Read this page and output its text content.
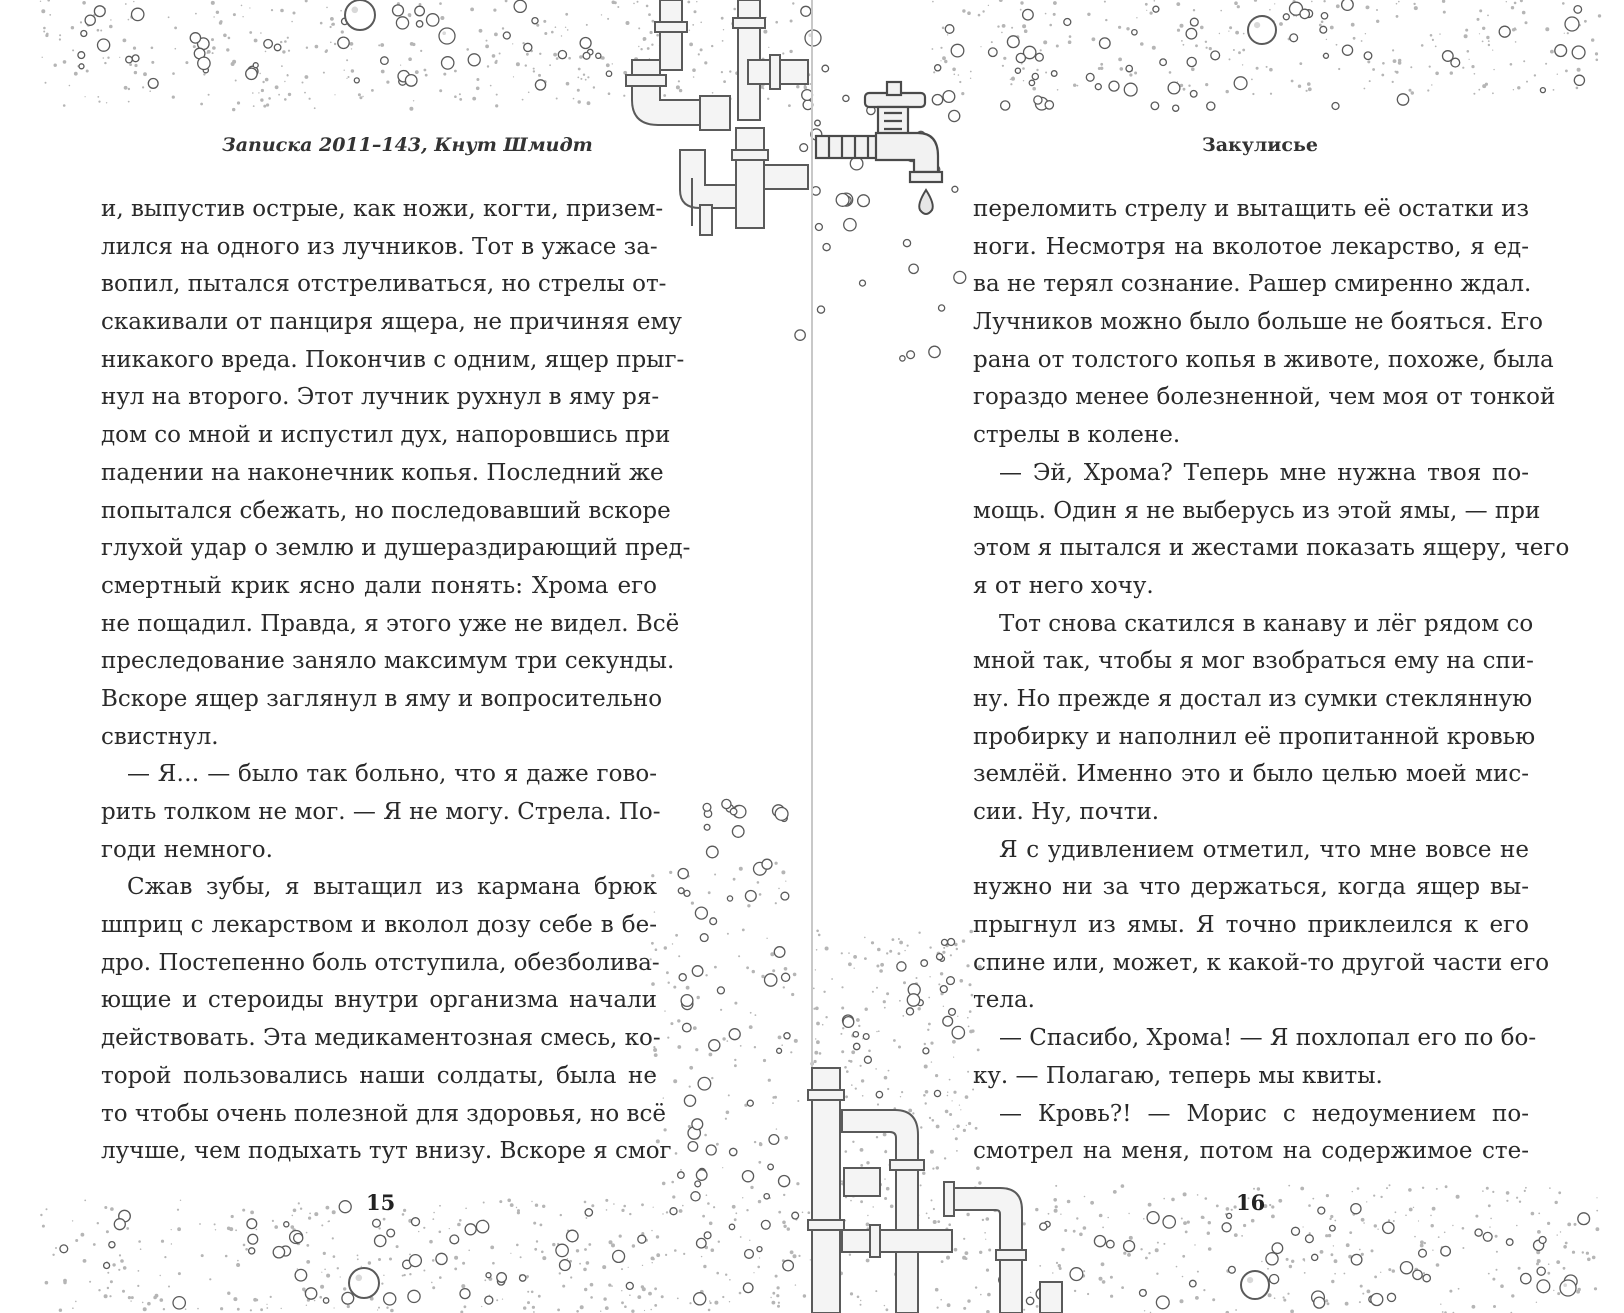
Записка 2011–143, Кнут Шмидт

и, выпустив острые, как ножи, когти, призем-

лился на одного из лучников. Тот в ужасе за-

вопил, пытался отстреливаться, но стрелы от-

скакивали от панциря ящера, не причиняя ему

никакого вреда. Покончив с одним, ящер прыг-

нул на второго. Этот лучник рухнул в яму ря-

дом со мной и испустил дух, напоровшись при

падении на наконечник копья. Последний же

попытался сбежать, но последовавший вскоре

глухой удар о землю и душераздирающий пред-

смертный крик ясно дали понять: Хрома его

не пощадил. Правда, я этого уже не видел. Всё

преследование заняло максимум три секунды.

Вскоре ящер заглянул в яму и вопросительно

свистнул.

— Я… — было так больно, что я даже гово-

рить толком не мог. — Я не могу. Стрела. По-

годи немного.

Сжав зубы, я вытащил из кармана брюк

шприц с лекарством и вколол дозу себе в бе-

дро. Постепенно боль отступила, обезболива-

ющие и стероиды внутри организма начали

действовать. Эта медикаментозная смесь, ко-

торой пользовались наши солдаты, была не

то чтобы очень полезной для здоровья, но всё

лучше, чем подыхать тут внизу. Вскоре я смог

15

Закулисье

переломить стрелу и вытащить её остатки из

ноги. Несмотря на вколотое лекарство, я ед-

ва не терял сознание. Рашер смиренно ждал.

Лучников можно было больше не бояться. Его

рана от толстого копья в животе, похоже, была

гораздо менее болезненной, чем моя от тонкой

стрелы в колене.

— Эй, Хрома? Теперь мне нужна твоя по-

мощь. Один я не выберусь из этой ямы, — при

этом я пытался и жестами показать ящеру, чего

я от него хочу.

Тот снова скатился в канаву и лёг рядом со

мной так, чтобы я мог взобраться ему на спи-

ну. Но прежде я достал из сумки стеклянную

пробирку и наполнил её пропитанной кровью

землёй. Именно это и было целью моей мис-

сии. Ну, почти.

Я с удивлением отметил, что мне вовсе не

нужно ни за что держаться, когда ящер вы-

прыгнул из ямы. Я точно приклеился к его

спине или, может, к какой-то другой части его

тела.

— Спасибо, Хрома! — Я похлопал его по бо-

ку. — Полагаю, теперь мы квиты.

— Кровь?! — Морис с недоумением по-

смотрел на меня, потом на содержимое сте-

16
